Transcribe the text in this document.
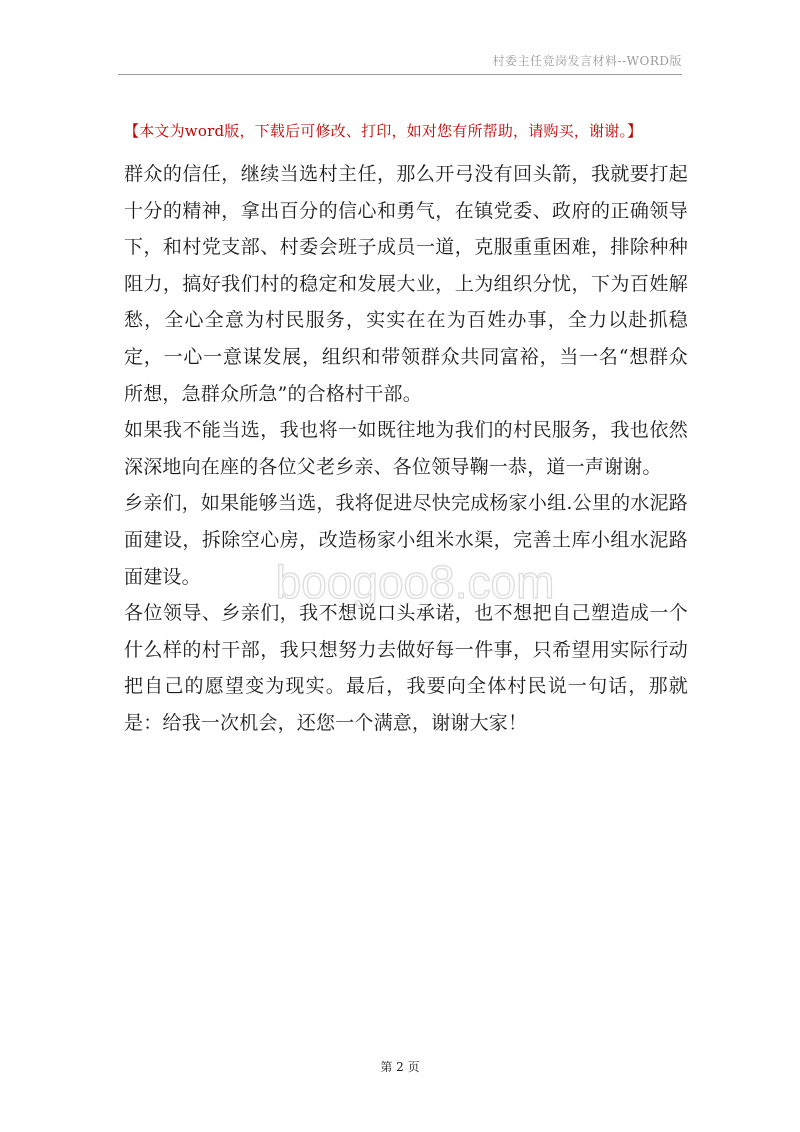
村委主任竞岗发言材料--WORD版
【本文为word版，下载后可修改、打印，如对您有所帮助，请购买，谢谢。】

群众的信任，继续当选村主任，那么开弓没有回头箭，我就要打起十分的精神，拿出百分的信心和勇气，在镇党委、政府的正确领导下，和村党支部、村委会班子成员一道，克服重重困难，排除种种阻力，搞好我们村的稳定和发展大业，上为组织分忧，下为百姓解愁，全心全意为村民服务，实实在在为百姓办事，全力以赴抓稳定，一心一意谋发展，组织和带领群众共同富裕，当一名“想群众所想，急群众所急”的合格村干部。

如果我不能当选，我也将一如既往地为我们的村民服务，我也依然深深地向在座的各位父老乡亲、各位领导鞠一恭，道一声谢谢。

乡亲们，如果能够当选，我将促进尽快完成杨家小组.公里的水泥路面建设，拆除空心房，改造杨家小组米水渠，完善土库小组水泥路面建设。

各位领导、乡亲们，我不想说口头承诺，也不想把自己塑造成一个什么样的村干部，我只想努力去做好每一件事，只希望用实际行动把自己的愿望变为现实。最后，我要向全体村民说一句话，那就是：给我一次机会，还您一个满意，谢谢大家！

boogoo8.com
第 2 页
